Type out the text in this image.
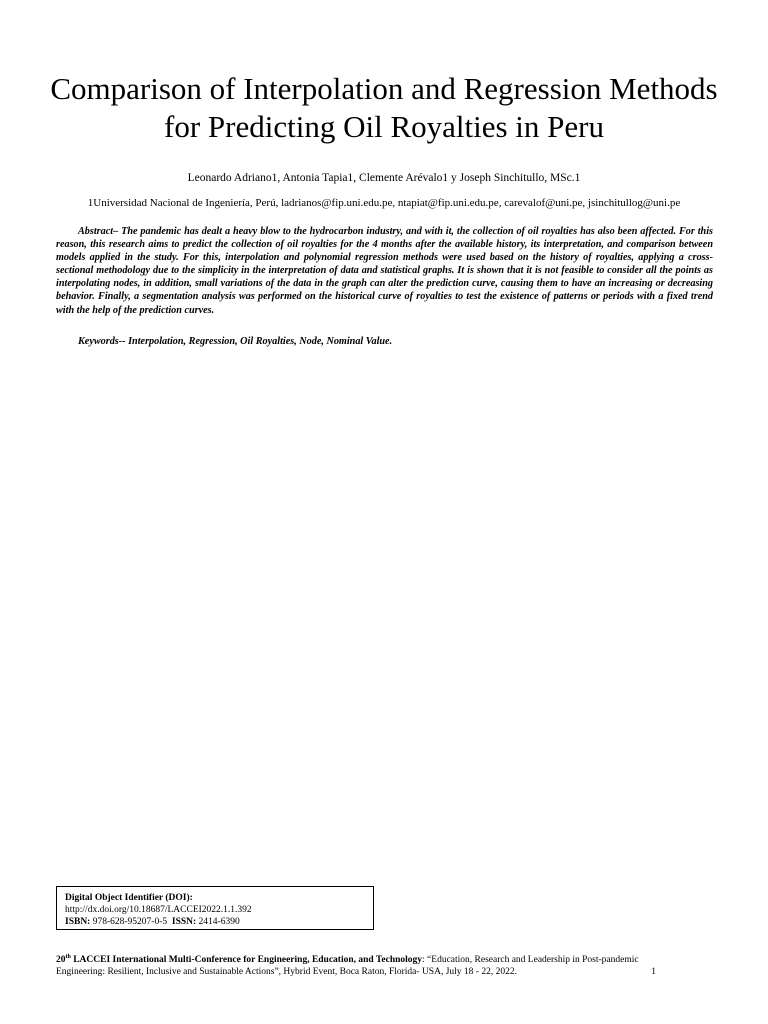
Comparison of Interpolation and Regression Methods for Predicting Oil Royalties in Peru
Leonardo Adriano1, Antonia Tapia1, Clemente Arévalo1 y Joseph Sinchitullo, MSc.1
1Universidad Nacional de Ingeniería, Perú, ladrianos@fip.uni.edu.pe, ntapiat@fip.uni.edu.pe, carevalof@uni.pe, jsinchitullog@uni.pe

Abstract– The pandemic has dealt a heavy blow to the hydrocarbon industry, and with it, the collection of oil royalties has also been affected. For this reason, this research aims to predict the collection of oil royalties for the 4 months after the available history, its interpretation, and comparison between models applied in the study. For this, interpolation and polynomial regression methods were used based on the history of royalties, applying a cross- sectional methodology due to the simplicity in the interpretation of data and statistical graphs. It is shown that it is not feasible to consider all the points as interpolating nodes, in addition, small variations of the data in the graph can alter the prediction curve, causing them to have an increasing or decreasing behavior. Finally, a segmentation analysis was performed on the historical curve of royalties to test the existence of patterns or periods with a fixed trend with the help of the prediction curves.

Keywords-- Interpolation, Regression, Oil Royalties, Node, Nominal Value.

Digital Object Identifier (DOI):
http://dx.doi.org/10.18687/LACCEI2022.1.1.392
ISBN: 978-628-95207-0-5 ISSN: 2414-6390
20th LACCEI International Multi-Conference for Engineering, Education, and Technology: “Education, Research and Leadership in Post-pandemic
Engineering: Resilient, Inclusive and Sustainable Actions”, Hybrid Event, Boca Raton, Florida- USA, July 18 - 22, 2022.	1
